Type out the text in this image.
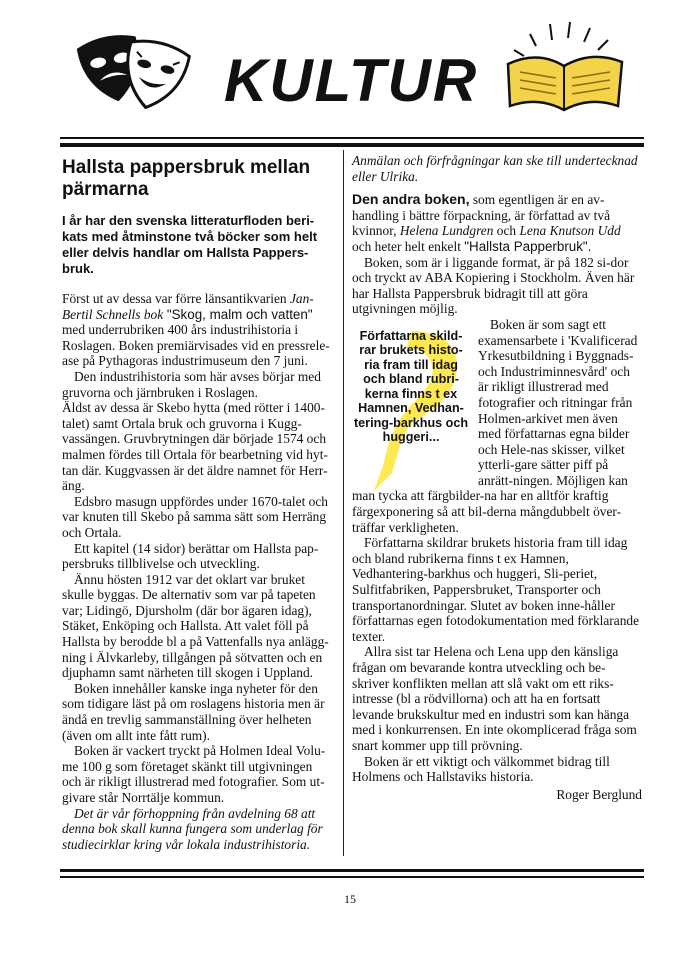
KULTUR
Hallsta pappersbruk mellan pärmarna

I år har den svenska litteraturfloden beri-kats med åtminstone två böcker som helt eller delvis handlar om Hallsta Pappers-bruk.

Först ut av dessa var förre länsantikvarien Jan-Bertil Schnells bok "Skog, malm och vatten" med underrubriken 400 års industrihistoria i Roslagen. Boken premiärvisades vid en pressrele-ase på Pythagoras industrimuseum den 7 juni.

Den industrihistoria som här avses börjar med gruvorna och järnbruken i Roslagen.

Äldst av dessa är Skebo hytta (med rötter i 1400-talet) samt Ortala bruk och gruvorna i Kugg-vassängen. Gruvbrytningen där började 1574 och malmen fördes till Ortala för bearbetning vid hyt-tan där. Kuggvassen är det äldre namnet för Herr-äng.

Edsbro masugn uppfördes under 1670-talet och var knuten till Skebo på samma sätt som Herräng och Ortala.

Ett kapitel (14 sidor) berättar om Hallsta pap-persbruks tillblivelse och utveckling.

Ännu hösten 1912 var det oklart var bruket skulle byggas. De alternativ som var på tapeten var; Lidingö, Djursholm (där bor ägaren idag), Stäket, Enköping och Hallsta. Att valet föll på Hallsta by berodde bl a på Vattenfalls nya anlägg-ning i Älvkarleby, tillgången på sötvatten och en djuphamn samt närheten till skogen i Uppland.

Boken innehåller kanske inga nyheter för den som tidigare läst på om roslagens historia men är ändå en trevlig sammanställning över helheten (även om allt inte fått rum).

Boken är vackert tryckt på Holmen Ideal Volu-me 100 g som företaget skänkt till utgivningen och är rikligt illustrerad med fotografier. Som ut-givare står Norrtälje kommun.

Det är vår förhoppning från avdelning 68 att denna bok skall kunna fungera som underlag för studiecirklar kring vår lokala industrihistoria.

Anmälan och förfrågningar kan ske till undertecknad eller Ulrika.

Den andra boken, som egentligen är en av-handling i bättre förpackning, är författad av två kvinnor, Helena Lundgren och Lena Knutson Udd och heter helt enkelt "Hallsta Papperbruk".

Boken, som är i liggande format, är på 182 si-dor och tryckt av ABA Kopiering i Stockholm. Även här har Hallsta Pappersbruk bidragit till att göra utgivningen möjlig.

Författarna skild-rar brukets histo-ria fram till idag och bland rubri-kerna finns t ex Hamnen, Vedhan-tering-barkhus och huggeri...

Boken är som sagt ett examensarbete i 'Kvalificerad Yrkesutbildning i Byggnads- och Industriminnesvård' och är rikligt illustrerad med fotografier och ritningar från Holmen-arkivet men även med författarnas egna bilder och Hele-nas skisser, vilket ytterli-gare sätter piff på anrätt-ningen. Möjligen kan man tycka att färgbilder-na har en alltför kraftig färgexponering så att bil-derna mångdubbelt över-träffar verkligheten.

Författarna skildrar brukets historia fram till idag och bland rubrikerna finns t ex Hamnen, Vedhantering-barkhus och huggeri, Sli-periet, Sulfitfabriken, Pappersbruket, Transporter och transportanordningar. Slutet av boken inne-håller författarnas egen fotodokumentation med förklarande texter.

Allra sist tar Helena och Lena upp den känsliga frågan om bevarande kontra utveckling och be-skriver konflikten mellan att slå vakt om ett riks-intresse (bl a rödvillorna) och att ha en fortsatt levande brukskultur med en industri som kan hänga med i konkurrensen. En inte okomplicerad fråga som snart kommer upp till prövning.

Boken är ett viktigt och välkommet bidrag till Holmens och Hallstaviks historia.

Roger Berglund

15
